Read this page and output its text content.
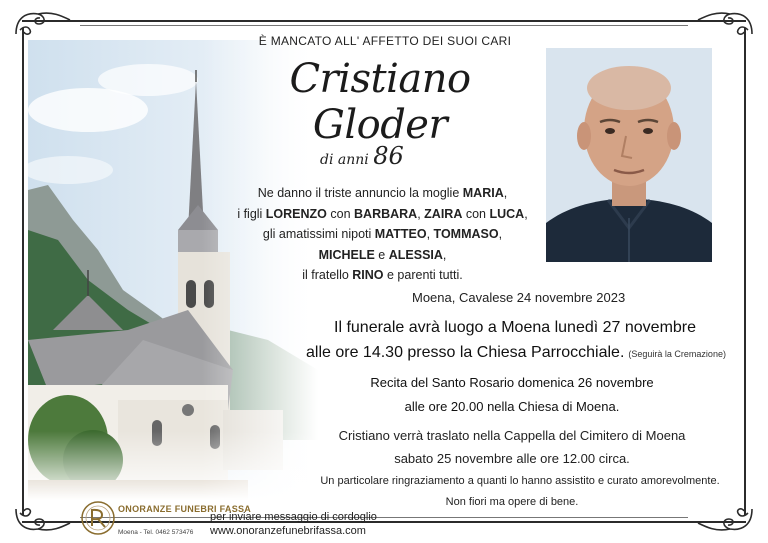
È MANCATO ALL' AFFETTO DEI SUOI CARI
Cristiano Gloder
di anni 86
Ne danno il triste annuncio la moglie MARIA,
i figli LORENZO con BARBARA, ZAIRA con LUCA,
gli amatissimi nipoti MATTEO, TOMMASO,
MICHELE e ALESSIA,
il fratello RINO e parenti tutti.
Moena, Cavalese 24 novembre 2023
Il funerale avrà luogo a Moena lunedì 27 novembre
alle ore 14.30 presso la Chiesa Parrocchiale. (Seguirà la Cremazione)
Recita del Santo Rosario domenica 26 novembre
alle ore 20.00 nella Chiesa di Moena.
Cristiano verrà traslato nella Cappella del Cimitero di Moena
sabato 25 novembre alle ore 12.00 circa.
Un particolare ringraziamento a quanti lo hanno assistito e curato amorevolmente.
Non fiori ma opere di bene.
ONORANZE FUNEBRI FASSA
Moena - Tel. 0462 573476
per inviare messaggio di cordoglio
www.onoranzefunebrifassa.com
